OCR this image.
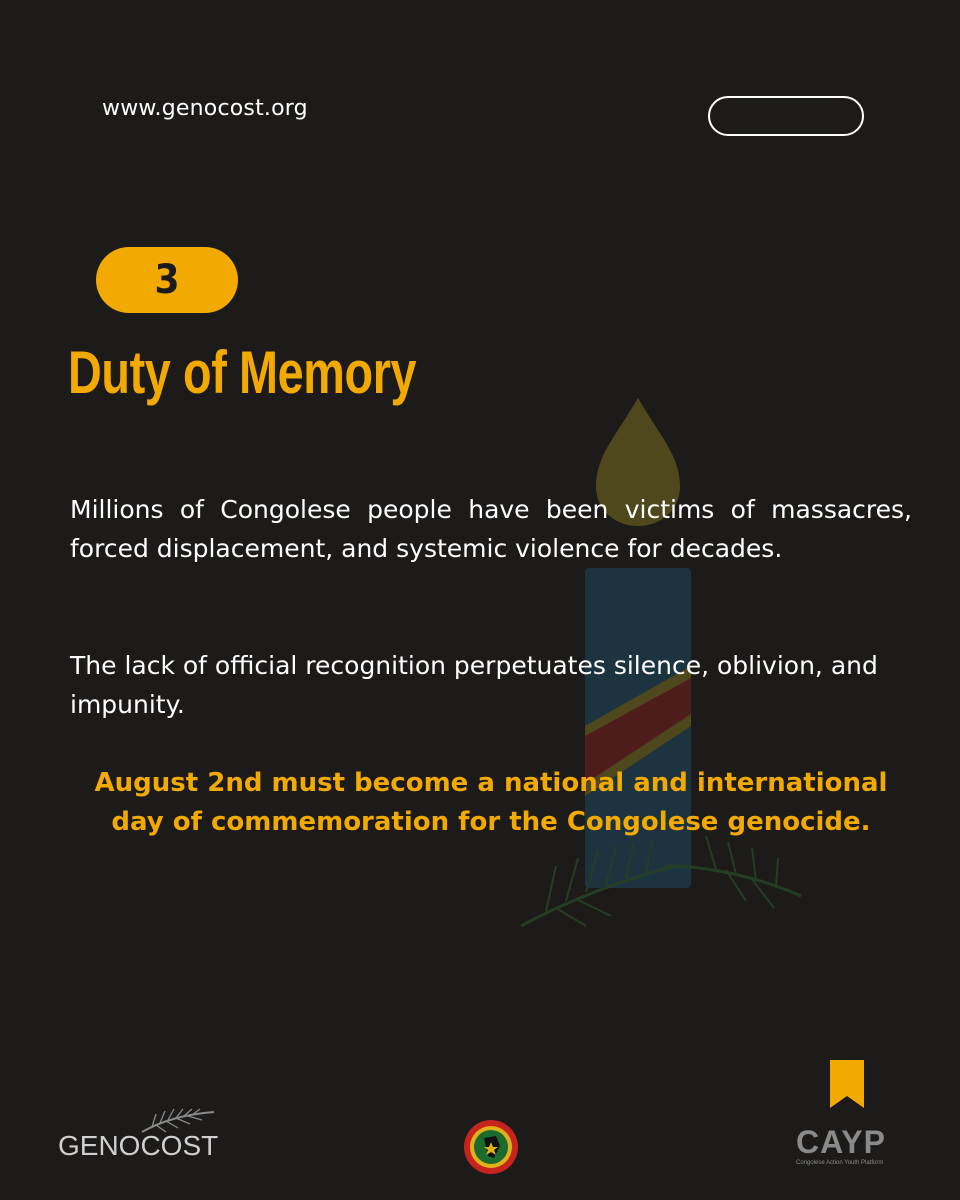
www.genocost.org
3
Duty of Memory
Millions of Congolese people have been victims of massacres, forced displacement, and systemic violence for decades.
The lack of official recognition perpetuates silence, oblivion, and impunity.
August 2nd must become a national and international day of commemoration for the Congolese genocide.
GENOCOST	CAYP
Congolese Action Youth Platform
